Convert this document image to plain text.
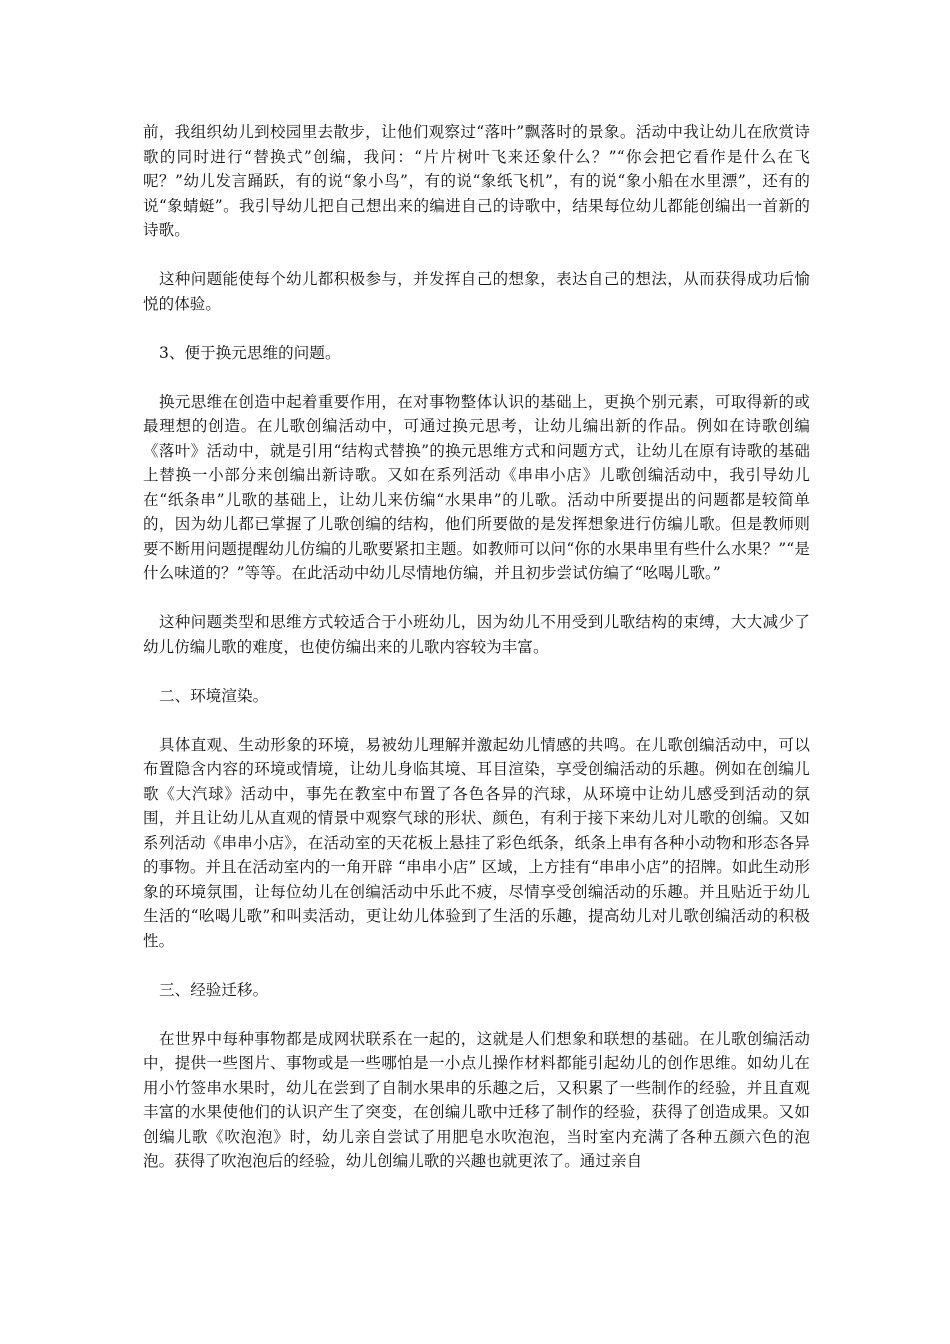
前，我组织幼儿到校园里去散步，让他们观察过“落叶”飘落时的景象。活动中我让幼儿在欣赏诗歌的同时进行“替换式”创编，我问：“片片树叶飞来还象什么？”“你会把它看作是什么在飞呢？”幼儿发言踊跃，有的说“象小鸟”，有的说“象纸飞机”，有的说“象小船在水里漂”，还有的说“象蜻蜓”。我引导幼儿把自己想出来的编进自己的诗歌中，结果每位幼儿都能创编出一首新的诗歌。

这种问题能使每个幼儿都积极参与，并发挥自己的想象，表达自己的想法，从而获得成功后愉悦的体验。

3、便于换元思维的问题。

换元思维在创造中起着重要作用，在对事物整体认识的基础上，更换个别元素，可取得新的或最理想的创造。在儿歌创编活动中，可通过换元思考，让幼儿编出新的作品。例如在诗歌创编《落叶》活动中，就是引用“结构式替换”的换元思维方式和问题方式，让幼儿在原有诗歌的基础上替换一小部分来创编出新诗歌。又如在系列活动《串串小店》儿歌创编活动中，我引导幼儿在“纸条串”儿歌的基础上，让幼儿来仿编“水果串”的儿歌。活动中所要提出的问题都是较简单的，因为幼儿都已掌握了儿歌创编的结构，他们所要做的是发挥想象进行仿编儿歌。但是教师则要不断用问题提醒幼儿仿编的儿歌要紧扣主题。如教师可以问“你的水果串里有些什么水果？”“是什么味道的？”等等。在此活动中幼儿尽情地仿编，并且初步尝试仿编了“吆喝儿歌。”

这种问题类型和思维方式较适合于小班幼儿，因为幼儿不用受到儿歌结构的束缚，大大减少了幼儿仿编儿歌的难度，也使仿编出来的儿歌内容较为丰富。

二、环境渲染。

具体直观、生动形象的环境，易被幼儿理解并激起幼儿情感的共鸣。在儿歌创编活动中，可以布置隐含内容的环境或情境，让幼儿身临其境、耳目渲染，享受创编活动的乐趣。例如在创编儿歌《大汽球》活动中，事先在教室中布置了各色各异的汽球，从环境中让幼儿感受到活动的氛围，并且让幼儿从直观的情景中观察气球的形状、颜色，有利于接下来幼儿对儿歌的创编。又如系列活动《串串小店》，在活动室的天花板上悬挂了彩色纸条，纸条上串有各种小动物和形态各异的事物。并且在活动室内的一角开辟 “串串小店” 区域，上方挂有“串串小店”的招牌。如此生动形象的环境氛围，让每位幼儿在创编活动中乐此不疲，尽情享受创编活动的乐趣。并且贴近于幼儿生活的“吆喝儿歌”和叫卖活动，更让幼儿体验到了生活的乐趣，提高幼儿对儿歌创编活动的积极性。

三、经验迁移。

在世界中每种事物都是成网状联系在一起的，这就是人们想象和联想的基础。在儿歌创编活动中，提供一些图片、事物或是一些哪怕是一小点儿操作材料都能引起幼儿的创作思维。如幼儿在用小竹签串水果时，幼儿在尝到了自制水果串的乐趣之后，又积累了一些制作的经验，并且直观丰富的水果使他们的认识产生了突变，在创编儿歌中迁移了制作的经验，获得了创造成果。又如创编儿歌《吹泡泡》时，幼儿亲自尝试了用肥皂水吹泡泡，当时室内充满了各种五颜六色的泡泡。获得了吹泡泡后的经验，幼儿创编儿歌的兴趣也就更浓了。通过亲自
